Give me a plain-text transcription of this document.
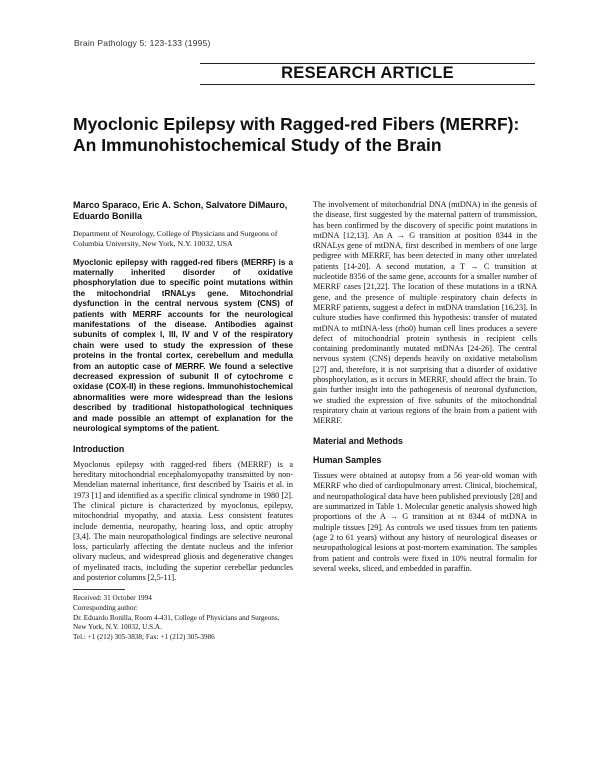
Brain Pathology 5: 123-133 (1995)
RESEARCH ARTICLE
Myoclonic Epilepsy with Ragged-red Fibers (MERRF): An Immunohistochemical Study of the Brain
Marco Sparaco, Eric A. Schon, Salvatore DiMauro, Eduardo Bonilla
Department of Neurology, College of Physicians and Surgeons of Columbia University, New York, N.Y. 10032, USA
Myoclonic epilepsy with ragged-red fibers (MERRF) is a maternally inherited disorder of oxidative phosphorylation due to specific point mutations within the mitochondrial tRNALys gene. Mitochondrial dysfunction in the central nervous system (CNS) of patients with MERRF accounts for the neurological manifestations of the disease. Antibodies against subunits of complex I, III, IV and V of the respiratory chain were used to study the expression of these proteins in the frontal cortex, cerebellum and medulla from an autoptic case of MERRF. We found a selective decreased expression of subunit II of cytochrome c oxidase (COX-II) in these regions. Immunohistochemical abnormalities were more widespread than the lesions described by traditional histopathological techniques and made possible an attempt of explanation for the neurological symptoms of the patient.
Introduction

Myoclonus epilepsy with ragged-red fibers (MERRF) is a hereditary mitochondrial encephalomyopathy transmitted by non-Mendelian maternal inheritance, first described by Tsairis et al. in 1973 [1] and identified as a specific clinical syndrome in 1980 [2]. The clinical picture is characterized by myoclonus, epilepsy, mitochondrial myopathy, and ataxia. Less consistent features include dementia, neuropathy, hearing loss, and optic atrophy [3,4]. The main neuropathological findings are selective neuronal loss, particularly affecting the dentate nucleus and the inferior olivary nucleus, and widespread gliosis and degenerative changes of myelinated tracts, including the superior cerebellar peduncles and posterior columns [2,5-11].

Received: 31 October 1994
Corresponding author:
Dr. Eduardo Bonilla, Room 4-431, College of Physicians and Surgeons, New York, N.Y. 10032, U.S.A.
Tel.: +1 (212) 305-3838; Fax: +1 (212) 305-3986

The involvement of mitochondrial DNA (mtDNA) in the genesis of the disease, first suggested by the maternal pattern of transmission, has been confirmed by the discovery of specific point mutations in mtDNA [12,13]. An A → G transition at position 8344 in the tRNALys gene of mtDNA, first described in members of one large pedigree with MERRF, has been detected in many other unrelated patients [14-20]. A second mutation, a T → C transition at nucleotide 8356 of the same gene, accounts for a smaller number of MERRF cases [21,22]. The location of these mutations in a tRNA gene, and the presence of multiple respiratory chain defects in MERRF patients, suggest a defect in mtDNA translation [16,23]. In culture studies have confirmed this hypothesis: transfer of mutated mtDNA to mtDNA-less (rho0) human cell lines produces a severe defect of mitochondrial protein synthesis in recipient cells containing predominantly mutated mtDNAs [24-26]. The central nervous system (CNS) depends heavily on oxidative metabolism [27] and, therefore, it is not surprising that a disorder of oxidative phosphorylation, as it occurs in MERRF, should affect the brain. To gain further insight into the pathogenesis of neuronal dysfunction, we studied the expression of five subunits of the mitochondrial respiratory chain at various regions of the brain from a patient with MERRF.

Material and Methods
Human Samples

Tissues were obtained at autopsy from a 56 year-old woman with MERRF who died of cardiopulmonary arrest. Clinical, biochemical, and neuropathological data have been published previously [28] and are summarized in Table 1. Molecular genetic analysis showed high proportions of the A → G transition at nt 8344 of mtDNA in multiple tissues [29]. As controls we used tissues from ten patients (age 2 to 61 years) without any history of neurological diseases or neuropathological lesions at post-mortem examination. The samples from patient and controls were fixed in 10% neutral formalin for several weeks, sliced, and embedded in paraffin.
